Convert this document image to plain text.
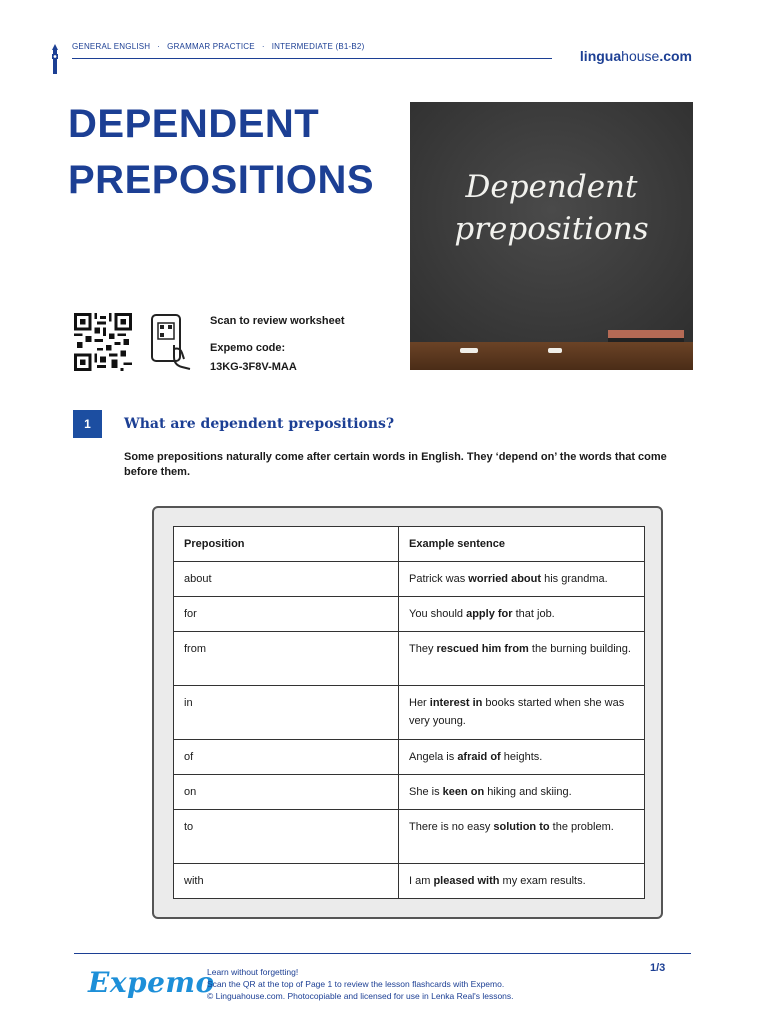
GENERAL ENGLISH · GRAMMAR PRACTICE · INTERMEDIATE (B1-B2)
linguahouse.com
DEPENDENT
PREPOSITIONS	Dependent
prepositions
Scan to review worksheet
Expemo code:
13KG-3F8V-MAA
1	What are dependent prepositions?
Some prepositions naturally come after certain words in English. They ‘depend on’ the words that come before them.
Preposition	Example sentence
about	Patrick was worried about his grandma.
for	You should apply for that job.
from	They rescued him from the burning building.
in	Her interest in books started when she was very young.
of	Angela is afraid of heights.
on	She is keen on hiking and skiing.
to	There is no easy solution to the problem.
with	I am pleased with my exam results.
Expemo
Learn without forgetting!
Scan the QR at the top of Page 1 to review the lesson flashcards with Expemo.
© Linguahouse.com. Photocopiable and licensed for use in Lenka Real's lessons.
1/3
